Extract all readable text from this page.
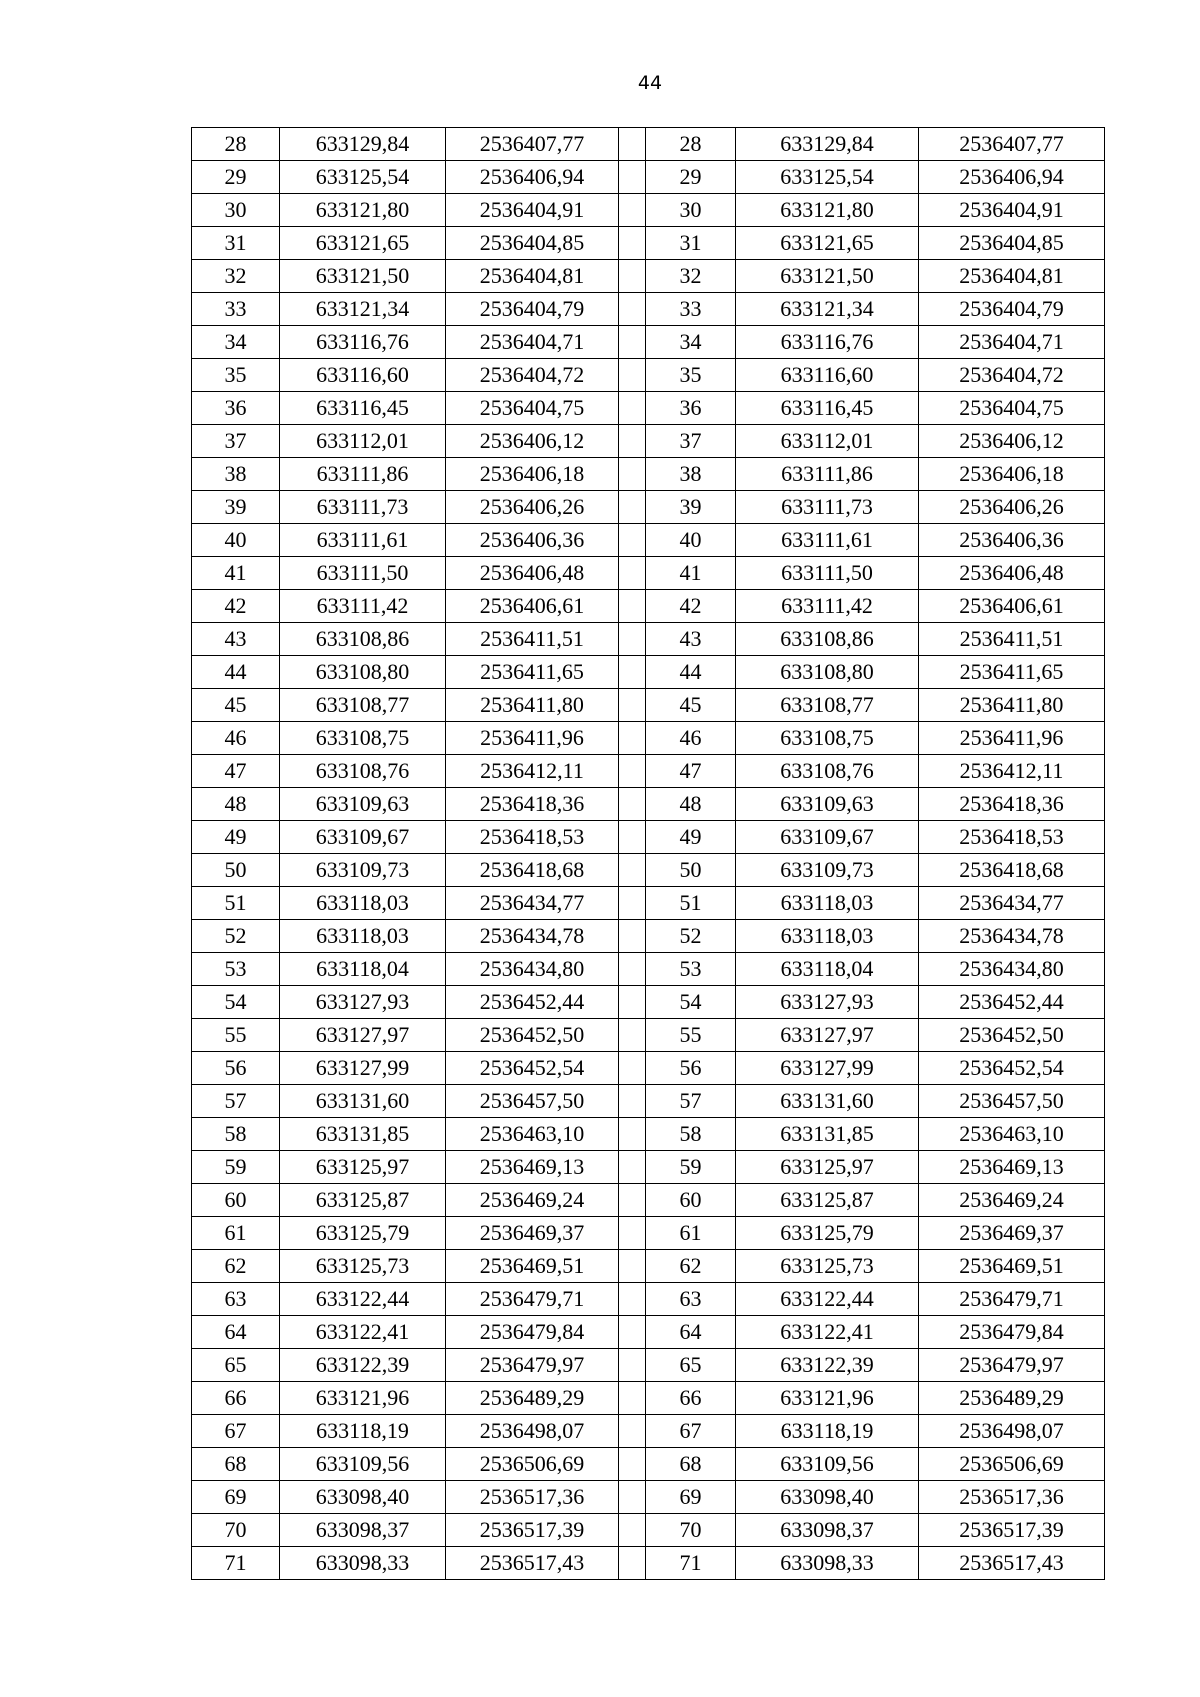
44
28	633129,84	2536407,77		28	633129,84	2536407,77
29	633125,54	2536406,94		29	633125,54	2536406,94
30	633121,80	2536404,91		30	633121,80	2536404,91
31	633121,65	2536404,85		31	633121,65	2536404,85
32	633121,50	2536404,81		32	633121,50	2536404,81
33	633121,34	2536404,79		33	633121,34	2536404,79
34	633116,76	2536404,71		34	633116,76	2536404,71
35	633116,60	2536404,72		35	633116,60	2536404,72
36	633116,45	2536404,75		36	633116,45	2536404,75
37	633112,01	2536406,12		37	633112,01	2536406,12
38	633111,86	2536406,18		38	633111,86	2536406,18
39	633111,73	2536406,26		39	633111,73	2536406,26
40	633111,61	2536406,36		40	633111,61	2536406,36
41	633111,50	2536406,48		41	633111,50	2536406,48
42	633111,42	2536406,61		42	633111,42	2536406,61
43	633108,86	2536411,51		43	633108,86	2536411,51
44	633108,80	2536411,65		44	633108,80	2536411,65
45	633108,77	2536411,80		45	633108,77	2536411,80
46	633108,75	2536411,96		46	633108,75	2536411,96
47	633108,76	2536412,11		47	633108,76	2536412,11
48	633109,63	2536418,36		48	633109,63	2536418,36
49	633109,67	2536418,53		49	633109,67	2536418,53
50	633109,73	2536418,68		50	633109,73	2536418,68
51	633118,03	2536434,77		51	633118,03	2536434,77
52	633118,03	2536434,78		52	633118,03	2536434,78
53	633118,04	2536434,80		53	633118,04	2536434,80
54	633127,93	2536452,44		54	633127,93	2536452,44
55	633127,97	2536452,50		55	633127,97	2536452,50
56	633127,99	2536452,54		56	633127,99	2536452,54
57	633131,60	2536457,50		57	633131,60	2536457,50
58	633131,85	2536463,10		58	633131,85	2536463,10
59	633125,97	2536469,13		59	633125,97	2536469,13
60	633125,87	2536469,24		60	633125,87	2536469,24
61	633125,79	2536469,37		61	633125,79	2536469,37
62	633125,73	2536469,51		62	633125,73	2536469,51
63	633122,44	2536479,71		63	633122,44	2536479,71
64	633122,41	2536479,84		64	633122,41	2536479,84
65	633122,39	2536479,97		65	633122,39	2536479,97
66	633121,96	2536489,29		66	633121,96	2536489,29
67	633118,19	2536498,07		67	633118,19	2536498,07
68	633109,56	2536506,69		68	633109,56	2536506,69
69	633098,40	2536517,36		69	633098,40	2536517,36
70	633098,37	2536517,39		70	633098,37	2536517,39
71	633098,33	2536517,43		71	633098,33	2536517,43
